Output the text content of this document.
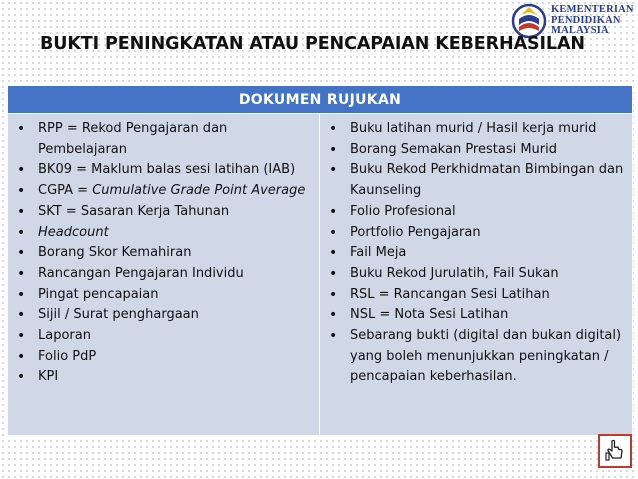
KEMENTERIAN
PENDIDIKAN
MALAYSIA
BUKTI PENINGKATAN ATAU PENCAPAIAN KEBERHASILAN
DOKUMEN RUJUKAN

• RPP = Rekod Pengajaran dan Pembelajaran
• BK09 = Maklum balas sesi latihan (IAB)
• CGPA = Cumulative Grade Point Average
• SKT = Sasaran Kerja Tahunan
• Headcount
• Borang Skor Kemahiran
• Rancangan Pengajaran Individu
• Pingat pencapaian
• Sijil / Surat penghargaan
• Laporan
• Folio PdP
• KPI

• Buku latihan murid / Hasil kerja murid
• Borang Semakan Prestasi Murid
• Buku Rekod Perkhidmatan Bimbingan dan Kaunseling
• Folio Profesional
• Portfolio Pengajaran
• Fail Meja
• Buku Rekod Jurulatih, Fail Sukan
• RSL = Rancangan Sesi Latihan
• NSL = Nota Sesi Latihan
• Sebarang bukti (digital dan bukan digital) yang boleh menunjukkan peningkatan / pencapaian keberhasilan.
